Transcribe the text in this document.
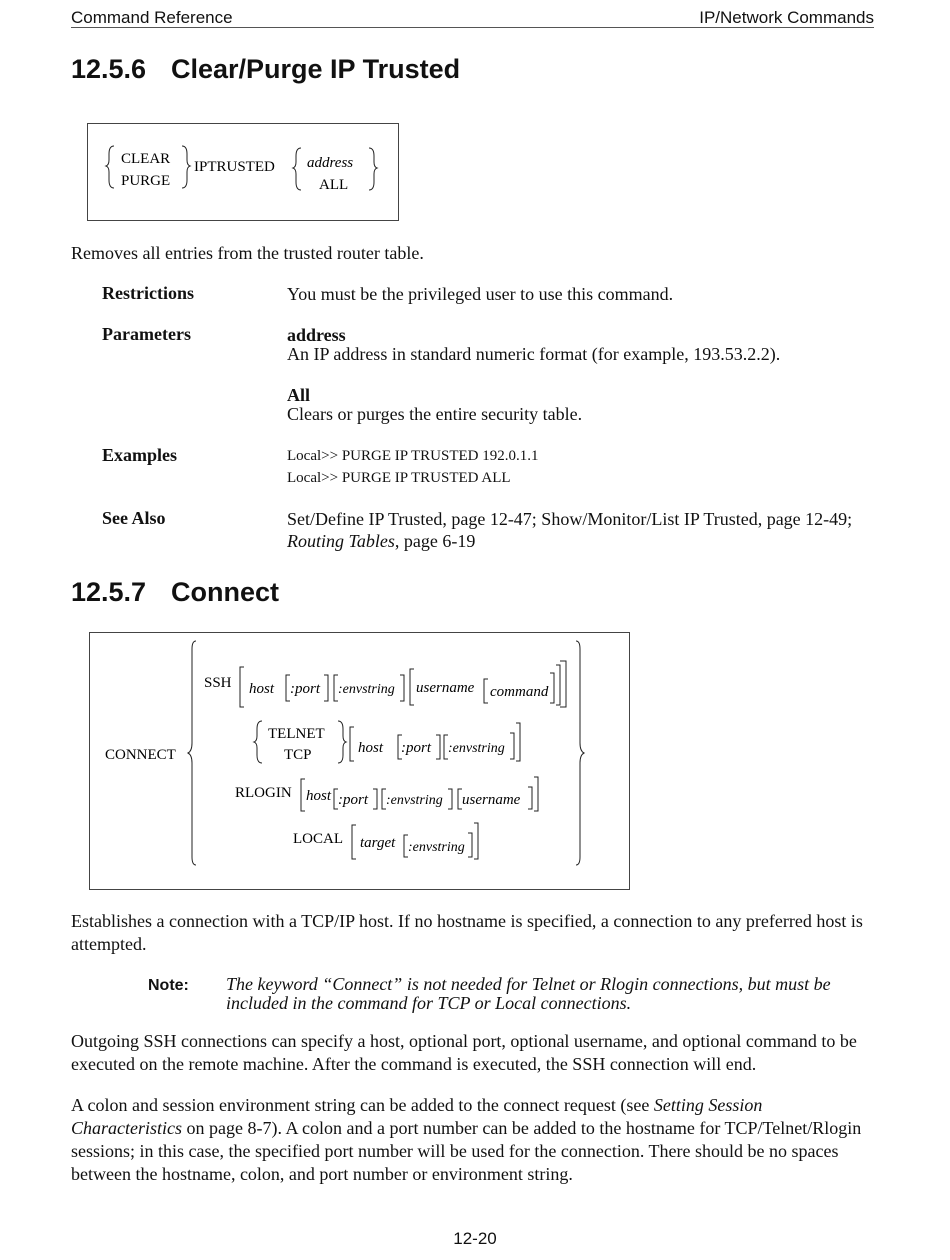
Command Reference	IP/Network Commands
12.5.6 Clear/Purge IP Trusted
CLEAR
PURGE
IPTRUSTED address
ALL
Removes all entries from the trusted router table.
Restrictions	You must be the privileged user to use this command.
Parameters	address
An IP address in standard numeric format (for example, 193.53.2.2).
All
Clears or purges the entire security table.
Examples	Local>> PURGE IP TRUSTED 192.0.1.1
Local>> PURGE IP TRUSTED ALL
See Also	Set/Define IP Trusted, page 12-47; Show/Monitor/List IP Trusted, page 12-49;
Routing Tables, page 6-19
12.5.7 Connect
CONNECT
SSH host :port :envstring username command
TELNET
TCP	host :port :envstring
RLOGIN host :port :envstring username
LOCAL target :envstring
Establishes a connection with a TCP/IP host. If no hostname is specified, a connection to any preferred host is attempted.
Note: The keyword “Connect” is not needed for Telnet or Rlogin connections, but must be included in the command for TCP or Local connections.
Outgoing SSH connections can specify a host, optional port, optional username, and optional command to be executed on the remote machine. After the command is executed, the SSH connection will end.
A colon and session environment string can be added to the connect request (see Setting Session Characteristics on page 8-7). A colon and a port number can be added to the hostname for TCP/Telnet/Rlogin sessions; in this case, the specified port number will be used for the connection. There should be no spaces between the hostname, colon, and port number or environment string.
12-20
